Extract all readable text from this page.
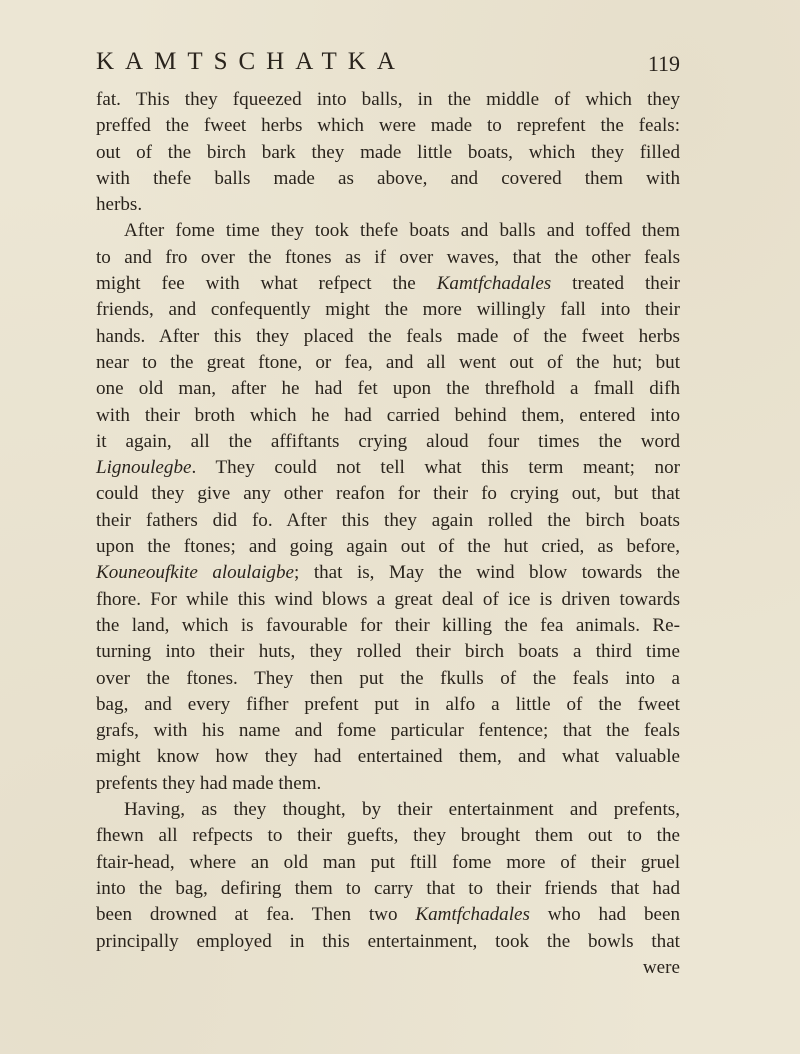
KAMTSCHATKA	119
fat. This they fqueezed into balls, in the middle of which they
preffed the fweet herbs which were made to reprefent the feals:
out of the birch bark they made little boats, which they filled
with thefe balls made as above, and covered them with
herbs.
After fome time they took thefe boats and balls and toffed them
to and fro over the ftones as if over waves, that the other feals
might fee with what refpect the Kamtfchadales treated their
friends, and confequently might the more willingly fall into their
hands. After this they placed the feals made of the fweet herbs
near to the great ftone, or fea, and all went out of the hut; but
one old man, after he had fet upon the threfhold a fmall difh
with their broth which he had carried behind them, entered into
it again, all the affiftants crying aloud four times the word
Lignoulegbe. They could not tell what this term meant; nor
could they give any other reafon for their fo crying out, but that
their fathers did fo. After this they again rolled the birch boats
upon the ftones; and going again out of the hut cried, as before,
Kouneoufkite aloulaigbe; that is, May the wind blow towards the
fhore. For while this wind blows a great deal of ice is driven towards
the land, which is favourable for their killing the fea animals. Re-
turning into their huts, they rolled their birch boats a third time
over the ftones. They then put the fkulls of the feals into a
bag, and every fifher prefent put in alfo a little of the fweet
grafs, with his name and fome particular fentence; that the feals
might know how they had entertained them, and what valuable
prefents they had made them.
Having, as they thought, by their entertainment and prefents,
fhewn all refpects to their guefts, they brought them out to the
ftair-head, where an old man put ftill fome more of their gruel
into the bag, defiring them to carry that to their friends that had
been drowned at fea. Then two Kamtfchadales who had been
principally employed in this entertainment, took the bowls that
were
